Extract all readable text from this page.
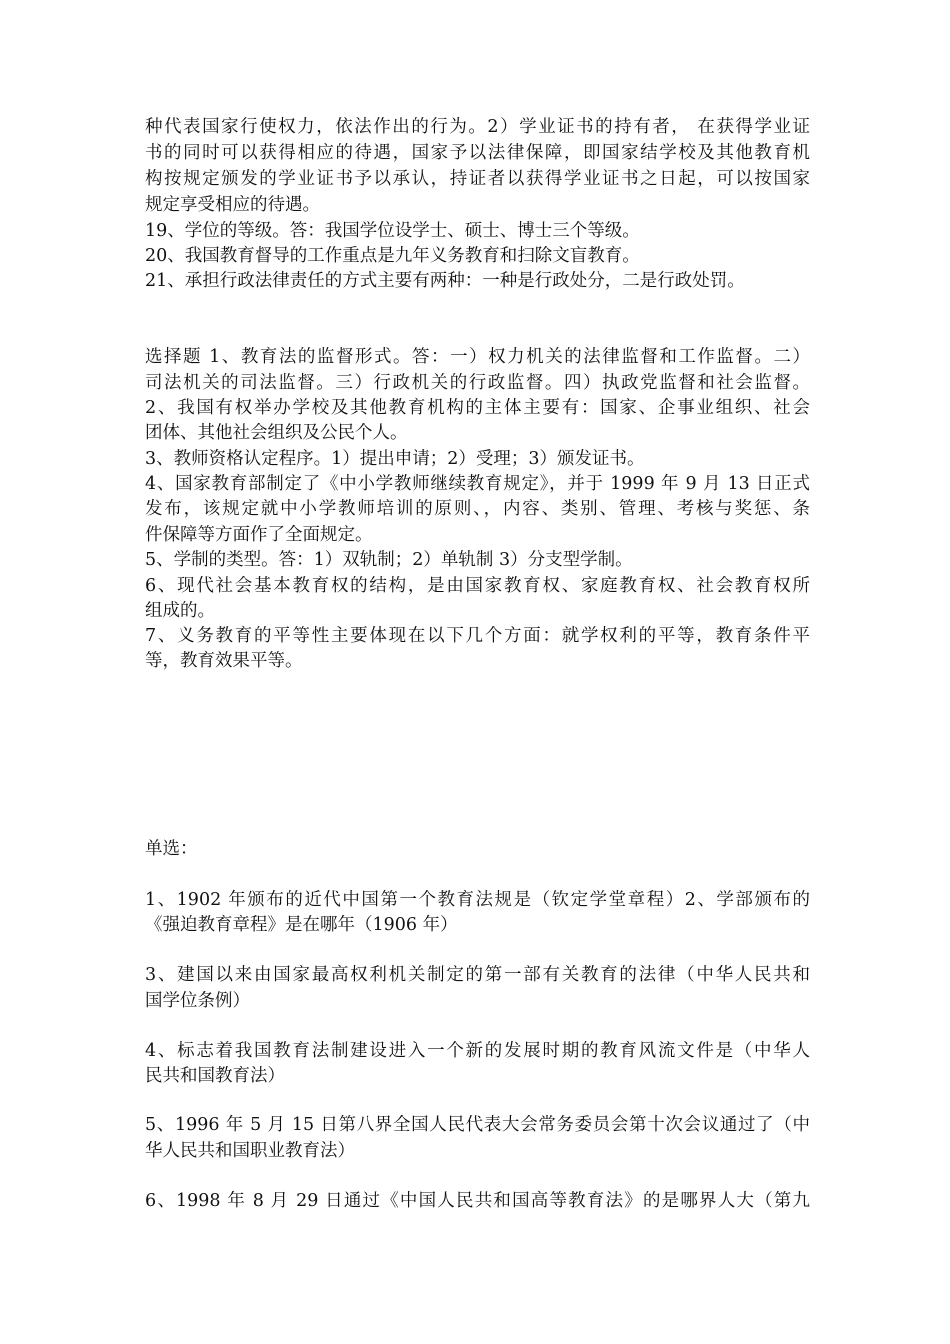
种代表国家行使权力，依法作出的行为。2）学业证书的持有者， 在获得学业证
书的同时可以获得相应的待遇，国家予以法律保障，即国家结学校及其他教育机
构按规定颁发的学业证书予以承认，持证者以获得学业证书之日起，可以按国家
规定享受相应的待遇。
19、学位的等级。答：我国学位设学士、硕士、博士三个等级。
20、我国教育督导的工作重点是九年义务教育和扫除文盲教育。
21、承担行政法律责任的方式主要有两种：一种是行政处分，二是行政处罚。
选择题 1、教育法的监督形式。答：一）权力机关的法律监督和工作监督。二）
司法机关的司法监督。三）行政机关的行政监督。四）执政党监督和社会监督。
2、我国有权举办学校及其他教育机构的主体主要有：国家、企事业组织、社会
团体、其他社会组织及公民个人。
3、教师资格认定程序。1）提出申请；2）受理；3）颁发证书。
4、国家教育部制定了《中小学教师继续教育规定》，并于 1999 年 9 月 13 日正式
发布，该规定就中小学教师培训的原则、，内容、类别、管理、考核与奖惩、条
件保障等方面作了全面规定。
5、学制的类型。答：1）双轨制；2）单轨制 3）分支型学制。
6、现代社会基本教育权的结构，是由国家教育权、家庭教育权、社会教育权所
组成的。
7、义务教育的平等性主要体现在以下几个方面：就学权利的平等，教育条件平
等，教育效果平等。
单选：
1、1902 年颁布的近代中国第一个教育法规是（钦定学堂章程）2、学部颁布的
《强迫教育章程》是在哪年（1906 年）
3、建国以来由国家最高权利机关制定的第一部有关教育的法律（中华人民共和
国学位条例）
4、标志着我国教育法制建设进入一个新的发展时期的教育风流文件是（中华人
民共和国教育法）
5、1996 年 5 月 15 日第八界全国人民代表大会常务委员会第十次会议通过了（中
华人民共和国职业教育法）
6、1998 年 8 月 29 日通过《中国人民共和国高等教育法》的是哪界人大（第九
